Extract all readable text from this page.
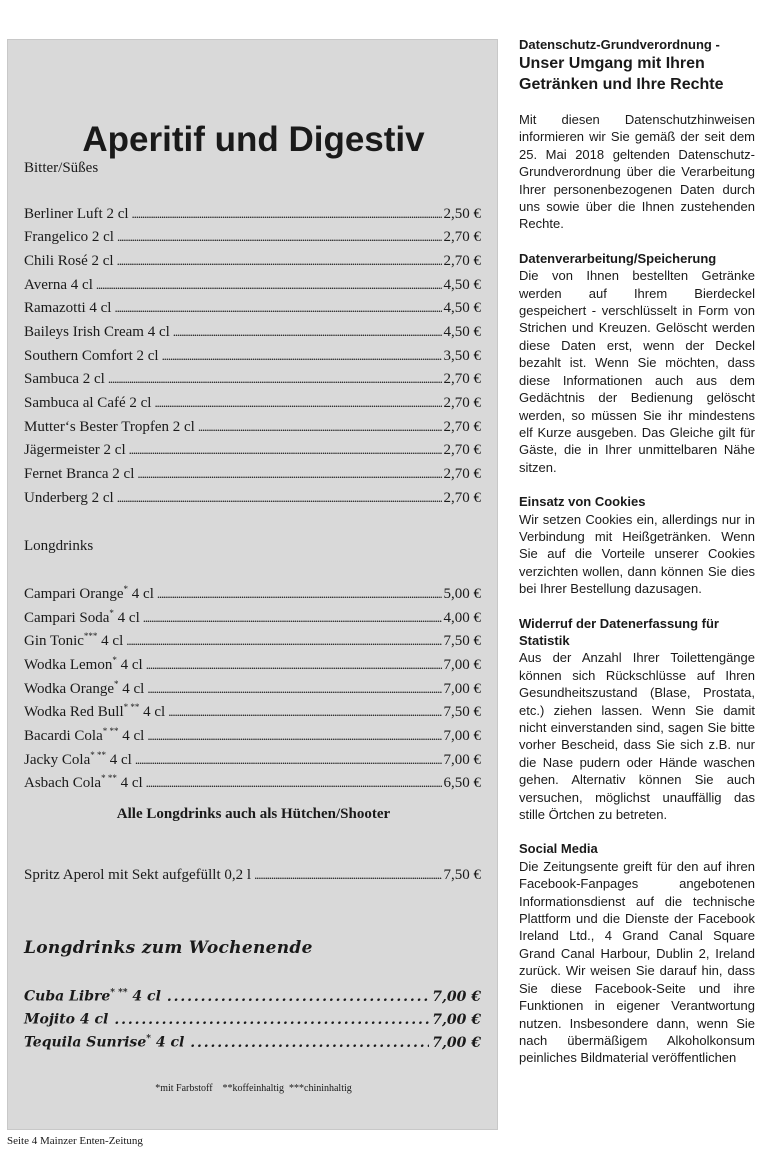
Aperitif und Digestiv
Bitter/Süßes
Berliner Luft 2 cl . . .	2,50 €
Frangelico 2 cl . . .	2,70 €
Chili Rosé 2 cl . . .	2,70 €
Averna 4 cl . . .	4,50 €
Ramazotti 4 cl . . .	4,50 €
Baileys Irish Cream 4 cl . . .	4,50 €
Southern Comfort 2 cl . . .	3,50 €
Sambuca 2 cl . . .	2,70 €
Sambuca al Café 2 cl . . .	2,70 €
Mutter‘s Bester Tropfen 2 cl . . .	2,70 €
Jägermeister 2 cl . . .	2,70 €
Fernet Branca 2 cl . . .	2,70 €
Underberg 2 cl . . .	2,70 €
Longdrinks
Campari Orange* 4 cl . . .	5,00 €
Campari Soda* 4 cl . . .	4,00 €
Gin Tonic*** 4 cl . . .	7,50 €
Wodka Lemon* 4 cl . . .	7,00 €
Wodka Orange* 4 cl . . .	7,00 €
Wodka Red Bull* ** 4 cl . . .	7,50 €
Bacardi Cola* ** 4 cl . . .	7,00 €
Jacky Cola* ** 4 cl . . .	7,00 €
Asbach Cola* ** 4 cl . . .	6,50 €
Alle Longdrinks auch als Hütchen/Shooter
Spritz Aperol mit Sekt aufgefüllt 0,2 l . . .	7,50 €
Longdrinks zum Wochenende
Cuba Libre* ** 4 cl . . .	7,00 €
Mojito 4 cl . . .	7,00 €
Tequila Sunrise* 4 cl . . .	7,00 €
*mit Farbstoff    **koffeinhaltig  ***chininhaltig
Seite 4 Mainzer Enten-Zeitung
Datenschutz-Grundverordnung -
Unser Umgang mit Ihren Getränken und Ihre Rechte

Mit diesen Datenschutzhinweisen informieren wir Sie gemäß der seit dem 25. Mai 2018 geltenden Datenschutz-Grundverordnung über die Verarbeitung Ihrer personenbezogenen Daten durch uns sowie über die Ihnen zustehenden Rechte.

Datenverarbeitung/Speicherung

Die von Ihnen bestellten Getränke werden auf Ihrem Bierdeckel gespeichert - verschlüsselt in Form von Strichen und Kreuzen. Gelöscht werden diese Daten erst, wenn der Deckel bezahlt ist. Wenn Sie möchten, dass diese Informationen auch aus dem Gedächtnis der Bedienung gelöscht werden, so müssen Sie ihr mindestens elf Kurze ausgeben. Das Gleiche gilt für Gäste, die in Ihrer unmittelbaren Nähe sitzen.

Einsatz von Cookies

Wir setzen Cookies ein, allerdings nur in Verbindung mit Heißgetränken. Wenn Sie auf die Vorteile unserer Cookies verzichten wollen, dann können Sie dies bei Ihrer Bestellung dazusagen.

Widerruf der Datenerfassung für Statistik

Aus der Anzahl Ihrer Toilettengänge können sich Rückschlüsse auf Ihren Gesundheitszustand (Blase, Prostata, etc.) ziehen lassen. Wenn Sie damit nicht einverstanden sind, sagen Sie bitte vorher Bescheid, dass Sie sich z.B. nur die Nase pudern oder Hände waschen gehen. Alternativ können Sie auch versuchen, möglichst unauffällig das stille Örtchen zu betreten.

Social Media

Die Zeitungsente greift für den auf ihren Facebook-Fanpages angebotenen Informationsdienst auf die technische Plattform und die Dienste der Facebook Ireland Ltd., 4 Grand Canal Square Grand Canal Harbour, Dublin 2, Ireland zurück. Wir weisen Sie darauf hin, dass Sie diese Facebook-Seite und ihre Funktionen in eigener Verantwortung nutzen. Insbesondere dann, wenn Sie nach übermäßigem Alkoholkonsum peinliches Bildmaterial veröffentlichen
